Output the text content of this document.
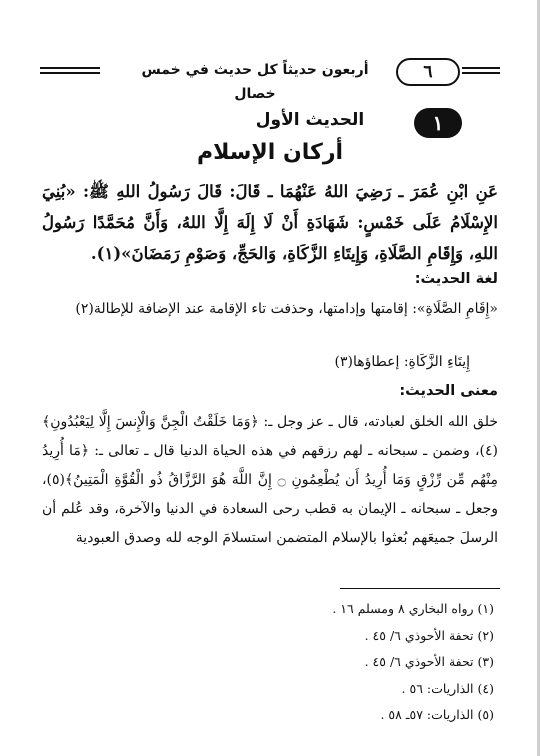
٦
أربعون حديثاً كل حديث في خمس خصال
١
الحديث الأول
أركان الإسلام
عَنِ ابْنِ عُمَرَ ـ رَضِيَ اللهُ عَنْهُمَا ـ قَالَ: قَالَ رَسُولُ اللهِ ﷺ: «بُنِيَ الإِسْلَامُ عَلَى خَمْسٍ: شَهَادَةِ أَنْ لَا إِلَهَ إِلَّا اللهُ، وَأَنَّ مُحَمَّدًا رَسُولُ اللهِ، وَإِقَامِ الصَّلَاةِ، وَإِيتَاءِ الزَّكَاةِ، وَالحَجِّ، وَصَوْمِ رَمَضَانَ»(١).
لغة الحديث:
«إِقَامِ الصَّلَاةِ»: إقامتها وإدامتها، وحذفت تاء الإقامة عند الإضافة للإطالة(٢)
إِيتَاءِ الزَّكَاةِ: إعطاؤها(٣)
معنى الحديث:
خلق الله الخلق لعبادته، قال ـ عز وجل ـ: ﴿وَمَا خَلَقْتُ الْجِنَّ وَالْإِنسَ إِلَّا لِيَعْبُدُونِ﴾(٤)، وضمن ـ سبحانه ـ لهم رزقهم في هذه الحياة الدنيا قال ـ تعالى ـ: ﴿مَا أُرِيدُ مِنْهُم مِّن رِّزْقٍ وَمَا أُرِيدُ أَن يُطْعِمُونِ ۝ إِنَّ اللَّهَ هُوَ الرَّزَّاقُ ذُو الْقُوَّةِ الْمَتِينُ﴾(٥)، وجعل ـ سبحانه ـ الإيمان به قطب رحى السعادة في الدنيا والآخرة، وقد عُلم أن الرسلَ جميعَهم بُعثوا بالإسلام المتضمن استسلامَ الوجه لله وصدق العبودية
(١) رواه البخاري ٨ ومسلم ١٦ .
(٢) تحفة الأحوذي ٦/ ٤٥ .
(٣) تحفة الأحوذي ٦/ ٤٥ .
(٤) الذاريات: ٥٦ .
(٥) الذاريات: ٥٧ـ ٥٨ .
